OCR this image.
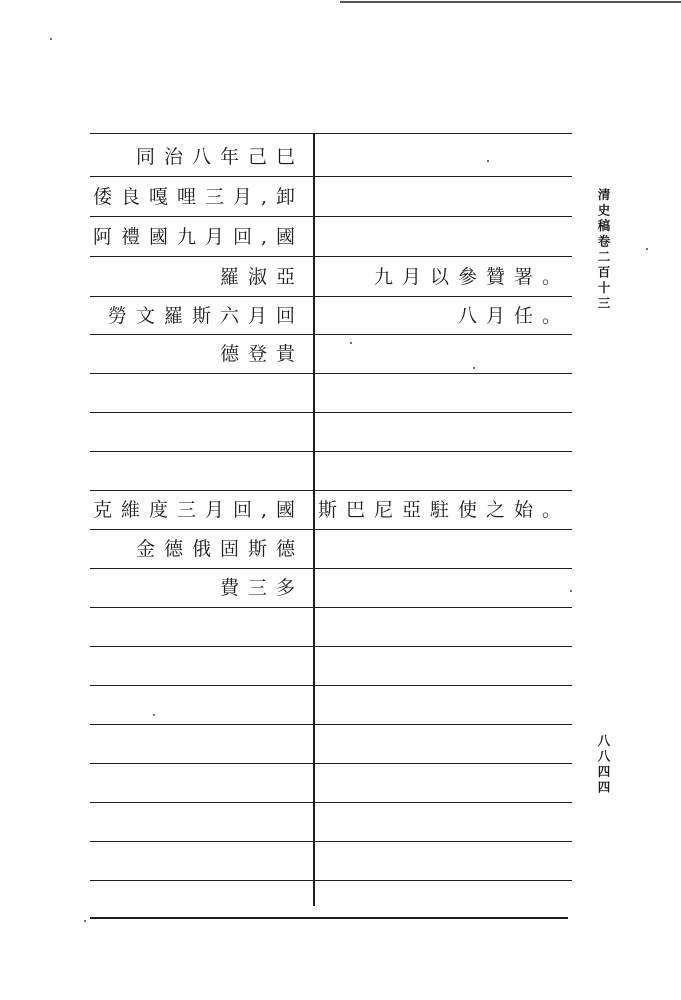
同治八年己巳
倭良嘎哩三月,卸
阿禮國九月回,國
羅淑亞	九月以參贊署。
勞文羅斯六月回	八月任。
德登貴
克維度三月回,國 斯巴尼亞駐使之始。
金德俄固斯德
費三多
清史稿卷二百十三
八八四四
